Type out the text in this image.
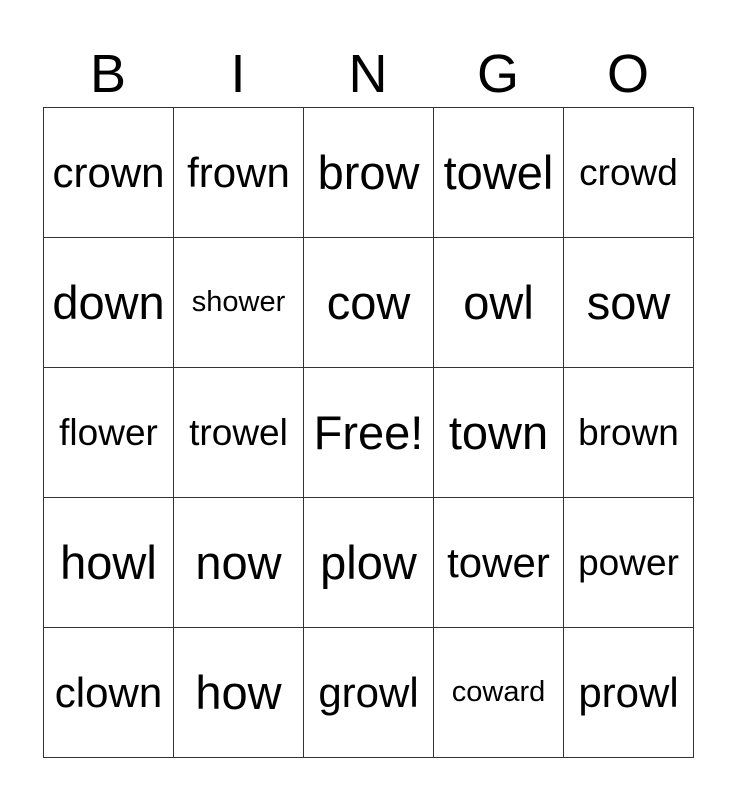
B	I	N	G	O
crown frown brow towel crowd
down shower cow	owl	sow
flower trowel Free! town brown
howl now plow tower power
clown how growl	coward prowl
